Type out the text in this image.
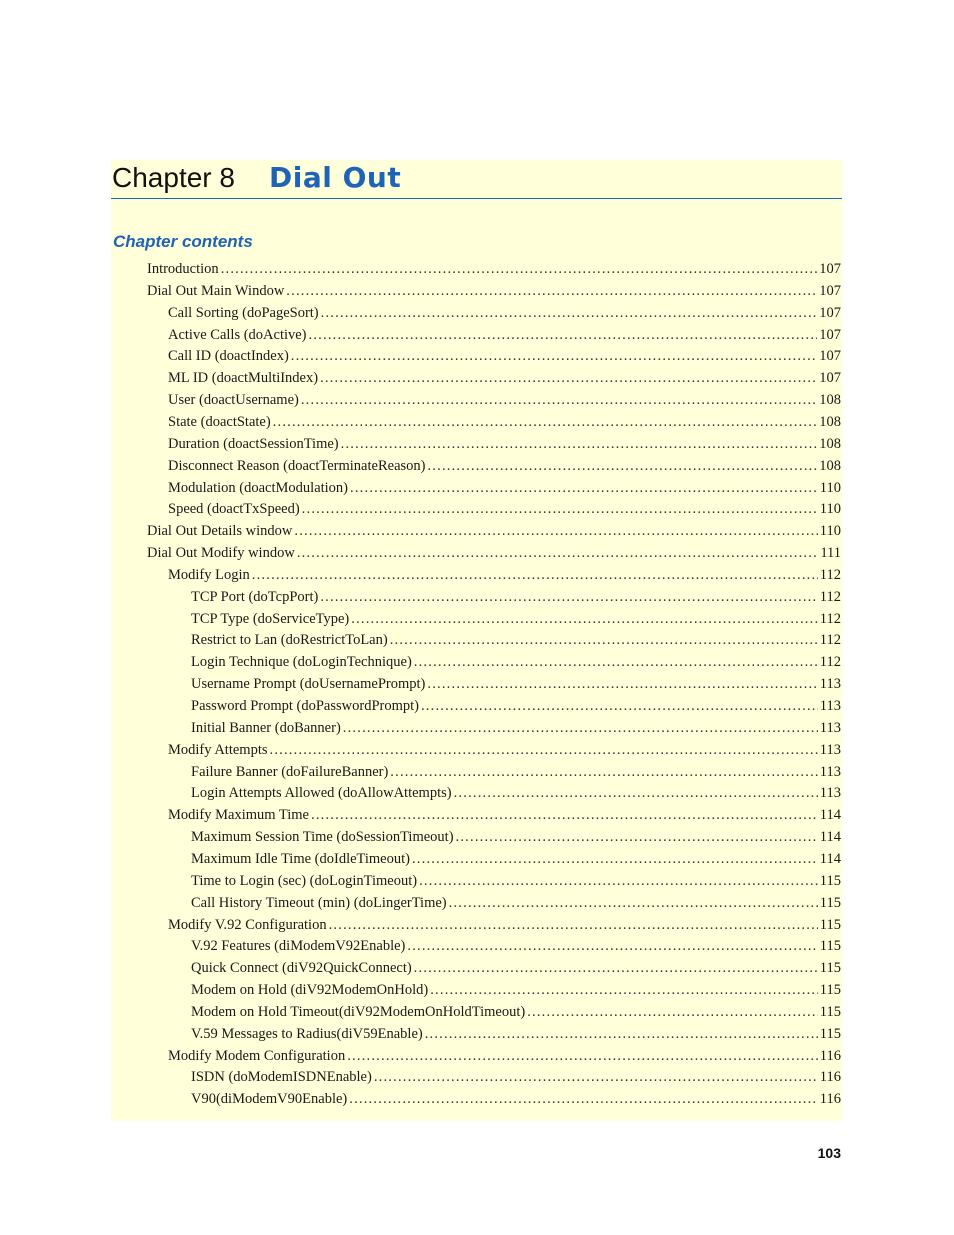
Chapter 8 Dial Out
Chapter contents
Introduction .....	107
Dial Out Main Window .....	107
Call Sorting (doPageSort) .....	107
Active Calls (doActive) .....	107
Call ID (doactIndex) .....	107
ML ID (doactMultiIndex) .....	107
User (doactUsername) .....	108
State (doactState) .....	108
Duration (doactSessionTime) .....	108
Disconnect Reason (doactTerminateReason) .....	108
Modulation (doactModulation) .....	110
Speed (doactTxSpeed) .....	110
Dial Out Details window .....	110
Dial Out Modify window .....	111
Modify Login .....	112
TCP Port (doTcpPort) .....	112
TCP Type (doServiceType) .....	112
Restrict to Lan (doRestrictToLan) .....	112
Login Technique (doLoginTechnique) .....	112
Username Prompt (doUsernamePrompt) .....	113
Password Prompt (doPasswordPrompt) .....	113
Initial Banner (doBanner) .....	113
Modify Attempts .....	113
Failure Banner (doFailureBanner) .....	113
Login Attempts Allowed (doAllowAttempts) .....	113
Modify Maximum Time .....	114
Maximum Session Time (doSessionTimeout) .....	114
Maximum Idle Time (doIdleTimeout) .....	114
Time to Login (sec) (doLoginTimeout) .....	115
Call History Timeout (min) (doLingerTime) .....	115
Modify V.92 Configuration .....	115
V.92 Features (diModemV92Enable) .....	115
Quick Connect (diV92QuickConnect) .....	115
Modem on Hold (diV92ModemOnHold) .....	115
Modem on Hold Timeout(diV92ModemOnHoldTimeout) .....	115
V.59 Messages to Radius(diV59Enable) .....	115
Modify Modem Configuration .....	116
ISDN (doModemISDNEnable) .....	116
V90(diModemV90Enable) .....	116
103
